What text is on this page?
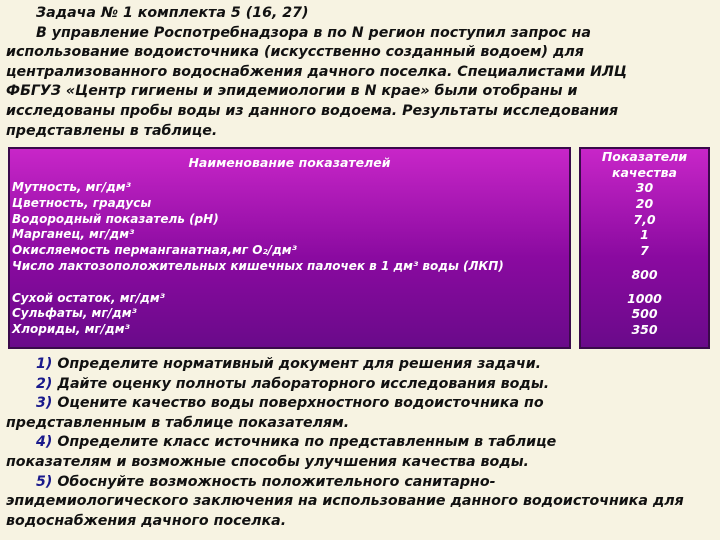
Задача № 1 комплекта 5 (16, 27)
В управление Роспотребнадзора в по N регион поступил запрос на
использование водоисточника (искусственно созданный водоем) для
централизованного водоснабжения дачного поселка. Специалистами ИЛЦ
ФБГУЗ «Центр гигиены и эпидемиологии в N крае» были отобраны и
исследованы пробы воды из данного водоема. Результаты исследования
представлены в таблице.
Наименование показателей	Показатели качества
Мутность, мг/дм³
Цветность, градусы
Водородный показатель (рН)
Марганец, мг/дм³
Окисляемость перманганатная,мг О₂/дм³
Число лактозоположительных кишечных палочек в 1 дм³ воды (ЛКП)
Сухой остаток, мг/дм³
Сульфаты, мг/дм³
Хлориды, мг/дм³
30
20
7,0
1
7
800
1000
500
350
1) Определите нормативный документ для решения задачи.
2) Дайте оценку полноты лабораторного исследования воды.
3) Оцените качество воды поверхностного водоисточника по
представленным в таблице показателям.
4) Определите класс источника по представленным в таблице
показателям и возможные способы улучшения качества воды.
5) Обоснуйте возможность положительного санитарно-
эпидемиологического заключения на использование данного водоисточника для водоснабжения дачного поселка.
